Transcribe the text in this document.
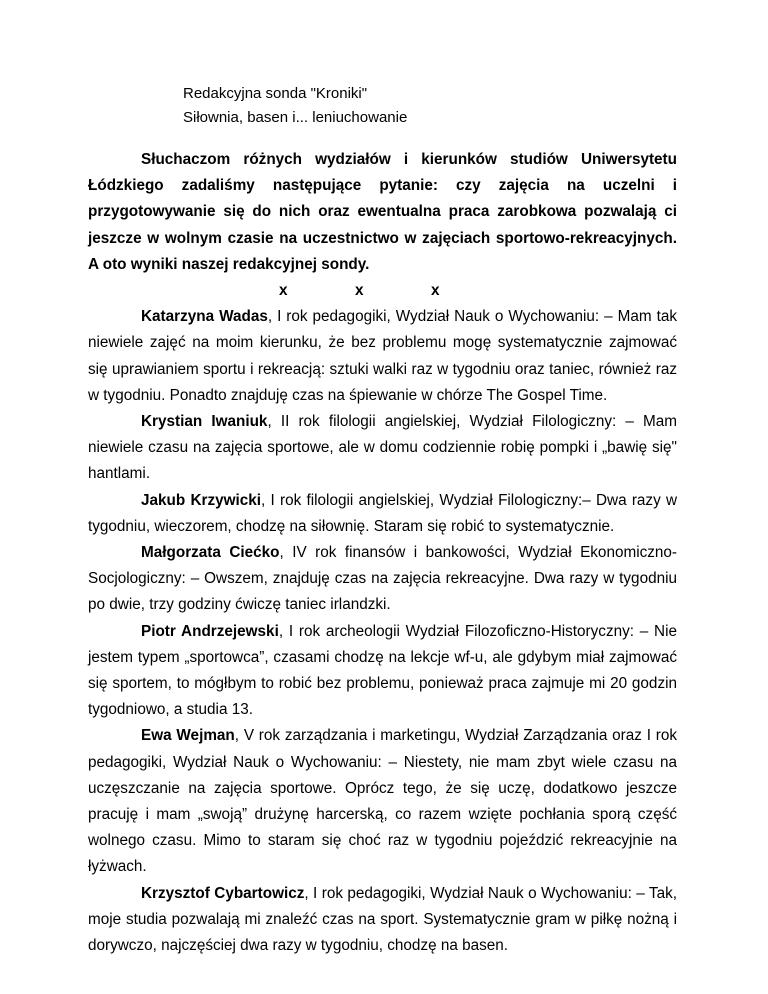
Redakcyjna sonda "Kroniki"
Siłownia, basen i... leniuchowanie

Słuchaczom różnych wydziałów i kierunków studiów Uniwersytetu Łódzkiego zadaliśmy następujące pytanie: czy zajęcia na uczelni i przygotowywanie się do nich oraz ewentualna praca zarobkowa pozwalają ci jeszcze w wolnym czasie na uczestnictwo w zajęciach sportowo-rekreacyjnych. A oto wyniki naszej redakcyjnej sondy.

x	x	x

Katarzyna Wadas, I rok pedagogiki, Wydział Nauk o Wychowaniu: – Mam tak niewiele zajęć na moim kierunku, że bez problemu mogę systematycznie zajmować się uprawianiem sportu i rekreacją: sztuki walki raz w tygodniu oraz taniec, również raz w tygodniu. Ponadto znajduję czas na śpiewanie w chórze The Gospel Time.

Krystian Iwaniuk, II rok filologii angielskiej, Wydział Filologiczny: – Mam niewiele czasu na zajęcia sportowe, ale w domu codziennie robię pompki i „bawię się" hantlami.

Jakub Krzywicki, I rok filologii angielskiej, Wydział Filologiczny:– Dwa razy w tygodniu, wieczorem, chodzę na siłownię. Staram się robić to systematycznie.

Małgorzata Ciećko, IV rok finansów i bankowości, Wydział Ekonomiczno-Socjologiczny: – Owszem, znajduję czas na zajęcia rekreacyjne. Dwa razy w tygodniu po dwie, trzy godziny ćwiczę taniec irlandzki.

Piotr Andrzejewski, I rok archeologii Wydział Filozoficzno-Historyczny: – Nie jestem typem „sportowca”, czasami chodzę na lekcje wf-u, ale gdybym miał zajmować się sportem, to mógłbym to robić bez problemu, ponieważ praca zajmuje mi 20 godzin tygodniowo, a studia 13.

Ewa Wejman, V rok zarządzania i marketingu, Wydział Zarządzania oraz I rok pedagogiki, Wydział Nauk o Wychowaniu: – Niestety, nie mam zbyt wiele czasu na uczęszczanie na zajęcia sportowe. Oprócz tego, że się uczę, dodatkowo jeszcze pracuję i mam „swoją” drużynę harcerską, co razem wzięte pochłania sporą część wolnego czasu. Mimo to staram się choć raz w tygodniu pojeździć rekreacyjnie na łyżwach.

Krzysztof Cybartowicz, I rok pedagogiki, Wydział Nauk o Wychowaniu: – Tak, moje studia pozwalają mi znaleźć czas na sport. Systematycznie gram w piłkę nożną i dorywczo, najczęściej dwa razy w tygodniu, chodzę na basen.
